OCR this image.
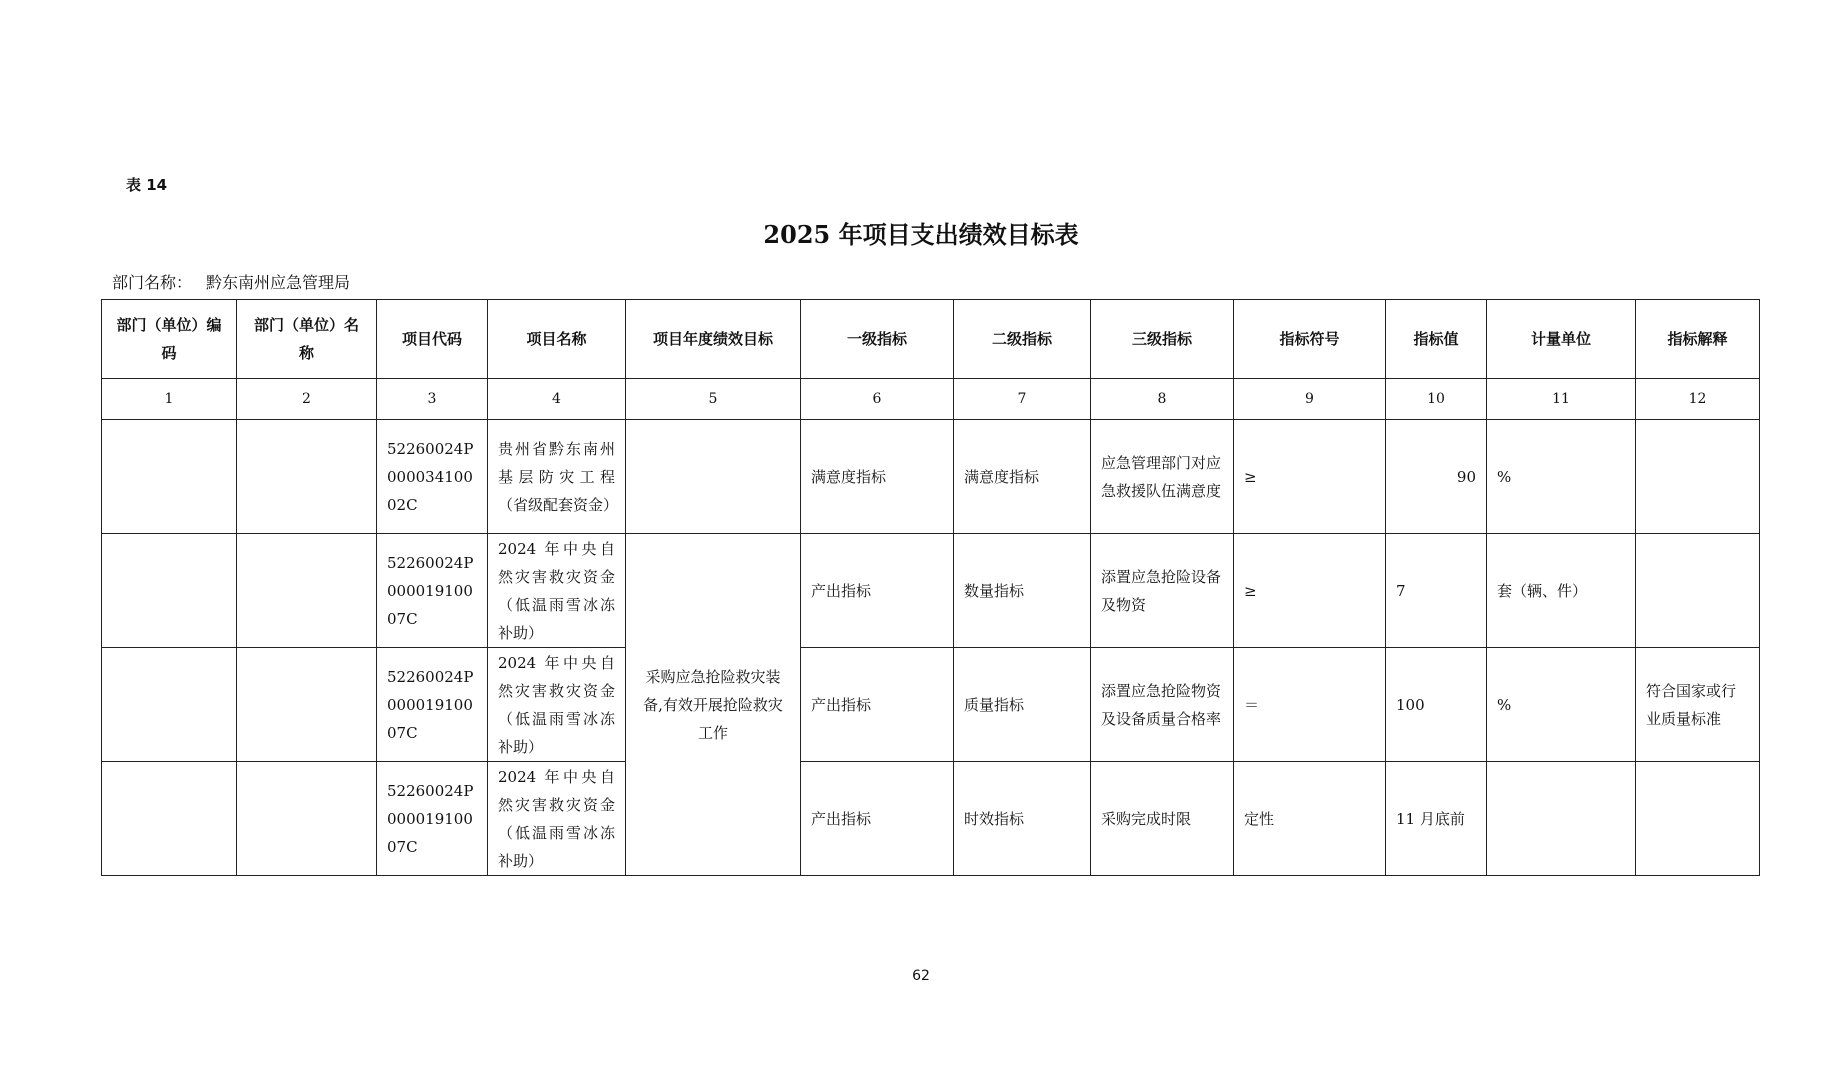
表 14
2025 年项目支出绩效目标表
部门名称： 黔东南州应急管理局
部门（单位）编码	部门（单位）名称	项目代码	项目名称	项目年度绩效目标	一级指标	二级指标	三级指标	指标符号	指标值	计量单位	指标解释
1	2	3	4	5	6	7	8	9	10	11	12
		52260024P00003410002C	贵州省黔东南州基层防灾工程（省级配套资金）		满意度指标	满意度指标	应急管理部门对应急救援队伍满意度	≥	90	%	
		52260024P00001910007C	2024 年中央自然灾害救灾资金（低温雨雪冰冻补助）	采购应急抢险救灾装备,有效开展抢险救灾工作	产出指标	数量指标	添置应急抢险设备及物资	≥	7	套（辆、件）	
		52260024P00001910007C	2024 年中央自然灾害救灾资金（低温雨雪冰冻补助）		产出指标	质量指标	添置应急抢险物资及设备质量合格率	＝	100	%	符合国家或行业质量标准
		52260024P00001910007C	2024 年中央自然灾害救灾资金（低温雨雪冰冻补助）		产出指标	时效指标	采购完成时限	定性	11 月底前		
62
